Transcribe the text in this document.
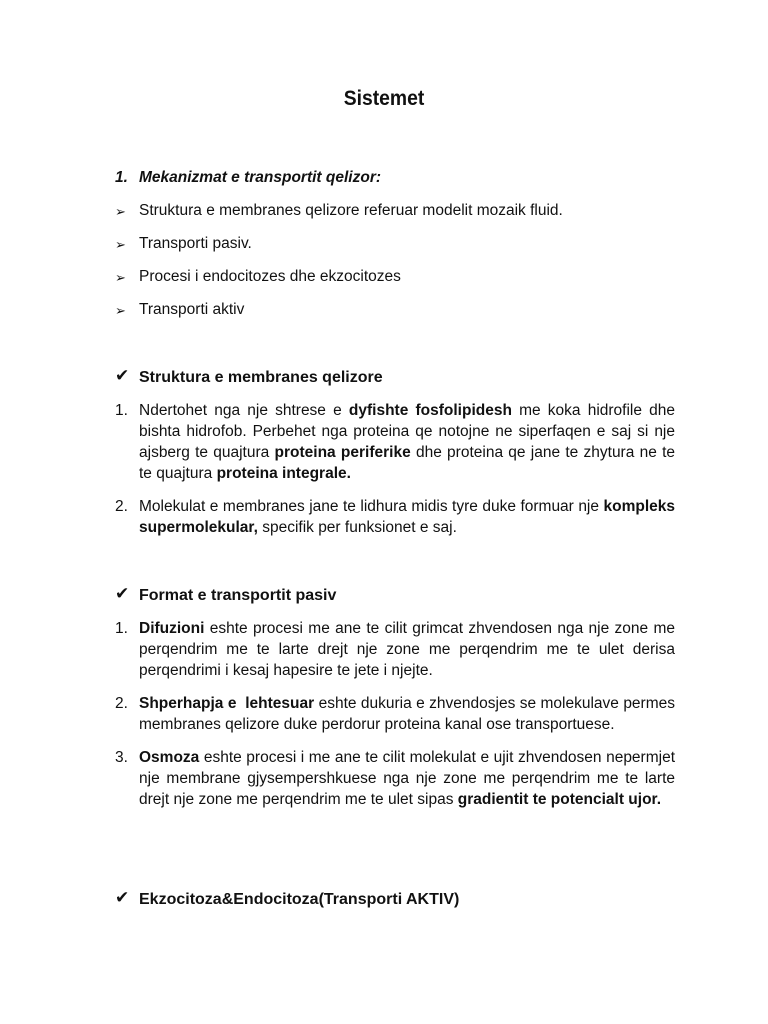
Sistemet
1. Mekanizmat e transportit qelizor:
➢ Struktura e membranes qelizore referuar modelit mozaik fluid.
➢ Transporti pasiv.
➢ Procesi i endocitozes dhe ekzocitozes
➢ Transporti aktiv
✔ Struktura e membranes qelizore
1. Ndertohet nga nje shtrese e dyfishte fosfolipidesh me koka hidrofile dhe bishta hidrofob. Perbehet nga proteina qe notojne ne siperfaqen e saj si nje ajsberg te quajtura proteina periferike dhe proteina qe jane te zhytura ne te te quajtura proteina integrale.
2. Molekulat e membranes jane te lidhura midis tyre duke formuar nje kompleks supermolekular, specifik per funksionet e saj.
✔ Format e transportit pasiv
1. Difuzioni eshte procesi me ane te cilit grimcat zhvendosen nga nje zone me perqendrim me te larte drejt nje zone me perqendrim me te ulet derisa perqendrimi i kesaj hapesire te jete i njejte.
2. Shperhapja e  lehtesuar eshte dukuria e zhvendosjes se molekulave permes membranes qelizore duke perdorur proteina kanal ose transportuese.
3. Osmoza eshte procesi i me ane te cilit molekulat e ujit zhvendosen nepermjet nje membrane gjysempershkuese nga nje zone me perqendrim me te larte drejt nje zone me perqendrim me te ulet sipas gradientit te potencialt ujor.
✔ Ekzocitoza&Endocitoza(Transporti AKTIV)
